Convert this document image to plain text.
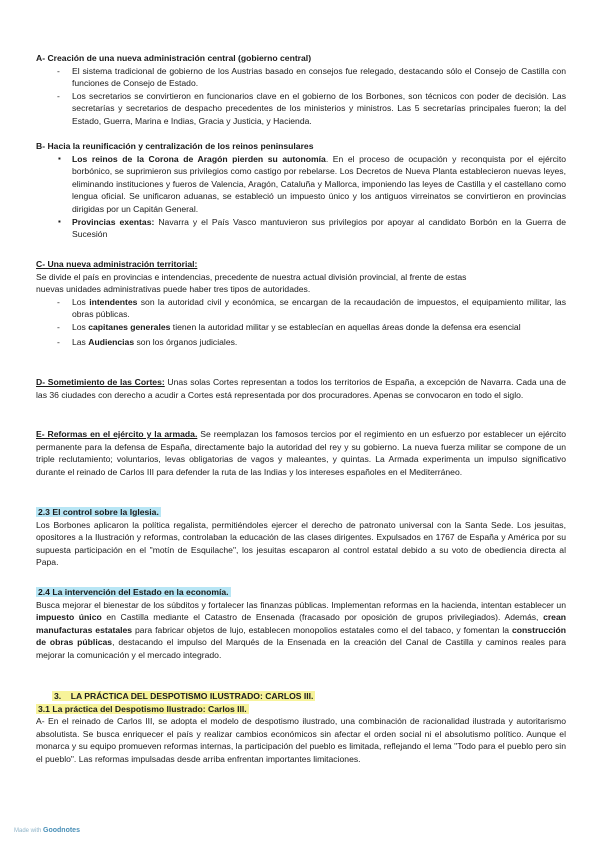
A- Creación de una nueva administración central (gobierno central)
- El sistema tradicional de gobierno de los Austrias basado en consejos fue relegado, destacando sólo el Consejo de Castilla con funciones de Consejo de Estado.
- Los secretarios se convirtieron en funcionarios clave en el gobierno de los Borbones, son técnicos con poder de decisión. Las secretarías y secretarios de despacho precedentes de los ministerios y ministros. Las 5 secretarías principales fueron; la del Estado, Guerra, Marina e Indias, Gracia y Justicia, y Hacienda.
B- Hacia la reunificación y centralización de los reinos peninsulares
▪ Los reinos de la Corona de Aragón pierden su autonomía. En el proceso de ocupación y reconquista por el ejército borbónico, se suprimieron sus privilegios como castigo por rebelarse. Los Decretos de Nueva Planta establecieron nuevas leyes, eliminando instituciones y fueros de Valencia, Aragón, Cataluña y Mallorca, imponiendo las leyes de Castilla y el castellano como lengua oficial. Se unificaron aduanas, se estableció un impuesto único y los antiguos virreinatos se convirtieron en provincias dirigidas por un Capitán General.
▪ Provincias exentas: Navarra y el País Vasco mantuvieron sus privilegios por apoyar al candidato Borbón en la Guerra de Sucesión
C- Una nueva administración territorial:
Se divide el país en provincias e intendencias, precedente de nuestra actual división provincial, al frente de estas nuevas unidades administrativas puede haber tres tipos de autoridades.
- Los intendentes son la autoridad civil y económica, se encargan de la recaudación de impuestos, el equipamiento militar, las obras públicas.
- Los capitanes generales tienen la autoridad militar y se establecían en aquellas áreas donde la defensa era esencial
- Las Audiencias son los órganos judiciales.
D- Sometimiento de las Cortes: Unas solas Cortes representan a todos los territorios de España, a excepción de Navarra. Cada una de las 36 ciudades con derecho a acudir a Cortes está representada por dos procuradores. Apenas se convocaron en todo el siglo.
E- Reformas en el ejército y la armada. Se reemplazan los famosos tercios por el regimiento en un esfuerzo por establecer un ejército permanente para la defensa de España, directamente bajo la autoridad del rey y su gobierno. La nueva fuerza militar se compone de un triple reclutamiento; voluntarios, levas obligatorias de vagos y maleantes, y quintas. La Armada experimenta un impulso significativo durante el reinado de Carlos III para defender la ruta de las Indias y los intereses españoles en el Mediterráneo.
2.3 El control sobre la Iglesia.
Los Borbones aplicaron la política regalista, permitiéndoles ejercer el derecho de patronato universal con la Santa Sede. Los jesuitas, opositores a la Ilustración y reformas, controlaban la educación de las clases dirigentes. Expulsados en 1767 de España y América por su supuesta participación en el "motín de Esquilache", los jesuitas escaparon al control estatal debido a su voto de obediencia directa al Papa.
2.4 La intervención del Estado en la economía.
Busca mejorar el bienestar de los súbditos y fortalecer las finanzas públicas. Implementan reformas en la hacienda, intentan establecer un impuesto único en Castilla mediante el Catastro de Ensenada (fracasado por oposición de grupos privilegiados). Además, crean manufacturas estatales para fabricar objetos de lujo, establecen monopolios estatales como el del tabaco, y fomentan la construcción de obras públicas, destacando el impulso del Marqués de la Ensenada en la creación del Canal de Castilla y caminos reales para mejorar la comunicación y el mercado integrado.
3. LA PRÁCTICA DEL DESPOTISMO ILUSTRADO: CARLOS III.
3.1 La práctica del Despotismo Ilustrado: Carlos III.
A- En el reinado de Carlos III, se adopta el modelo de despotismo ilustrado, una combinación de racionalidad ilustrada y autoritarismo absolutista. Se busca enriquecer el país y realizar cambios económicos sin afectar el orden social ni el absolutismo político. Aunque el monarca y su equipo promueven reformas internas, la participación del pueblo es limitada, reflejando el lema "Todo para el pueblo pero sin el pueblo". Las reformas impulsadas desde arriba enfrentan importantes limitaciones.
Made with Goodnotes
